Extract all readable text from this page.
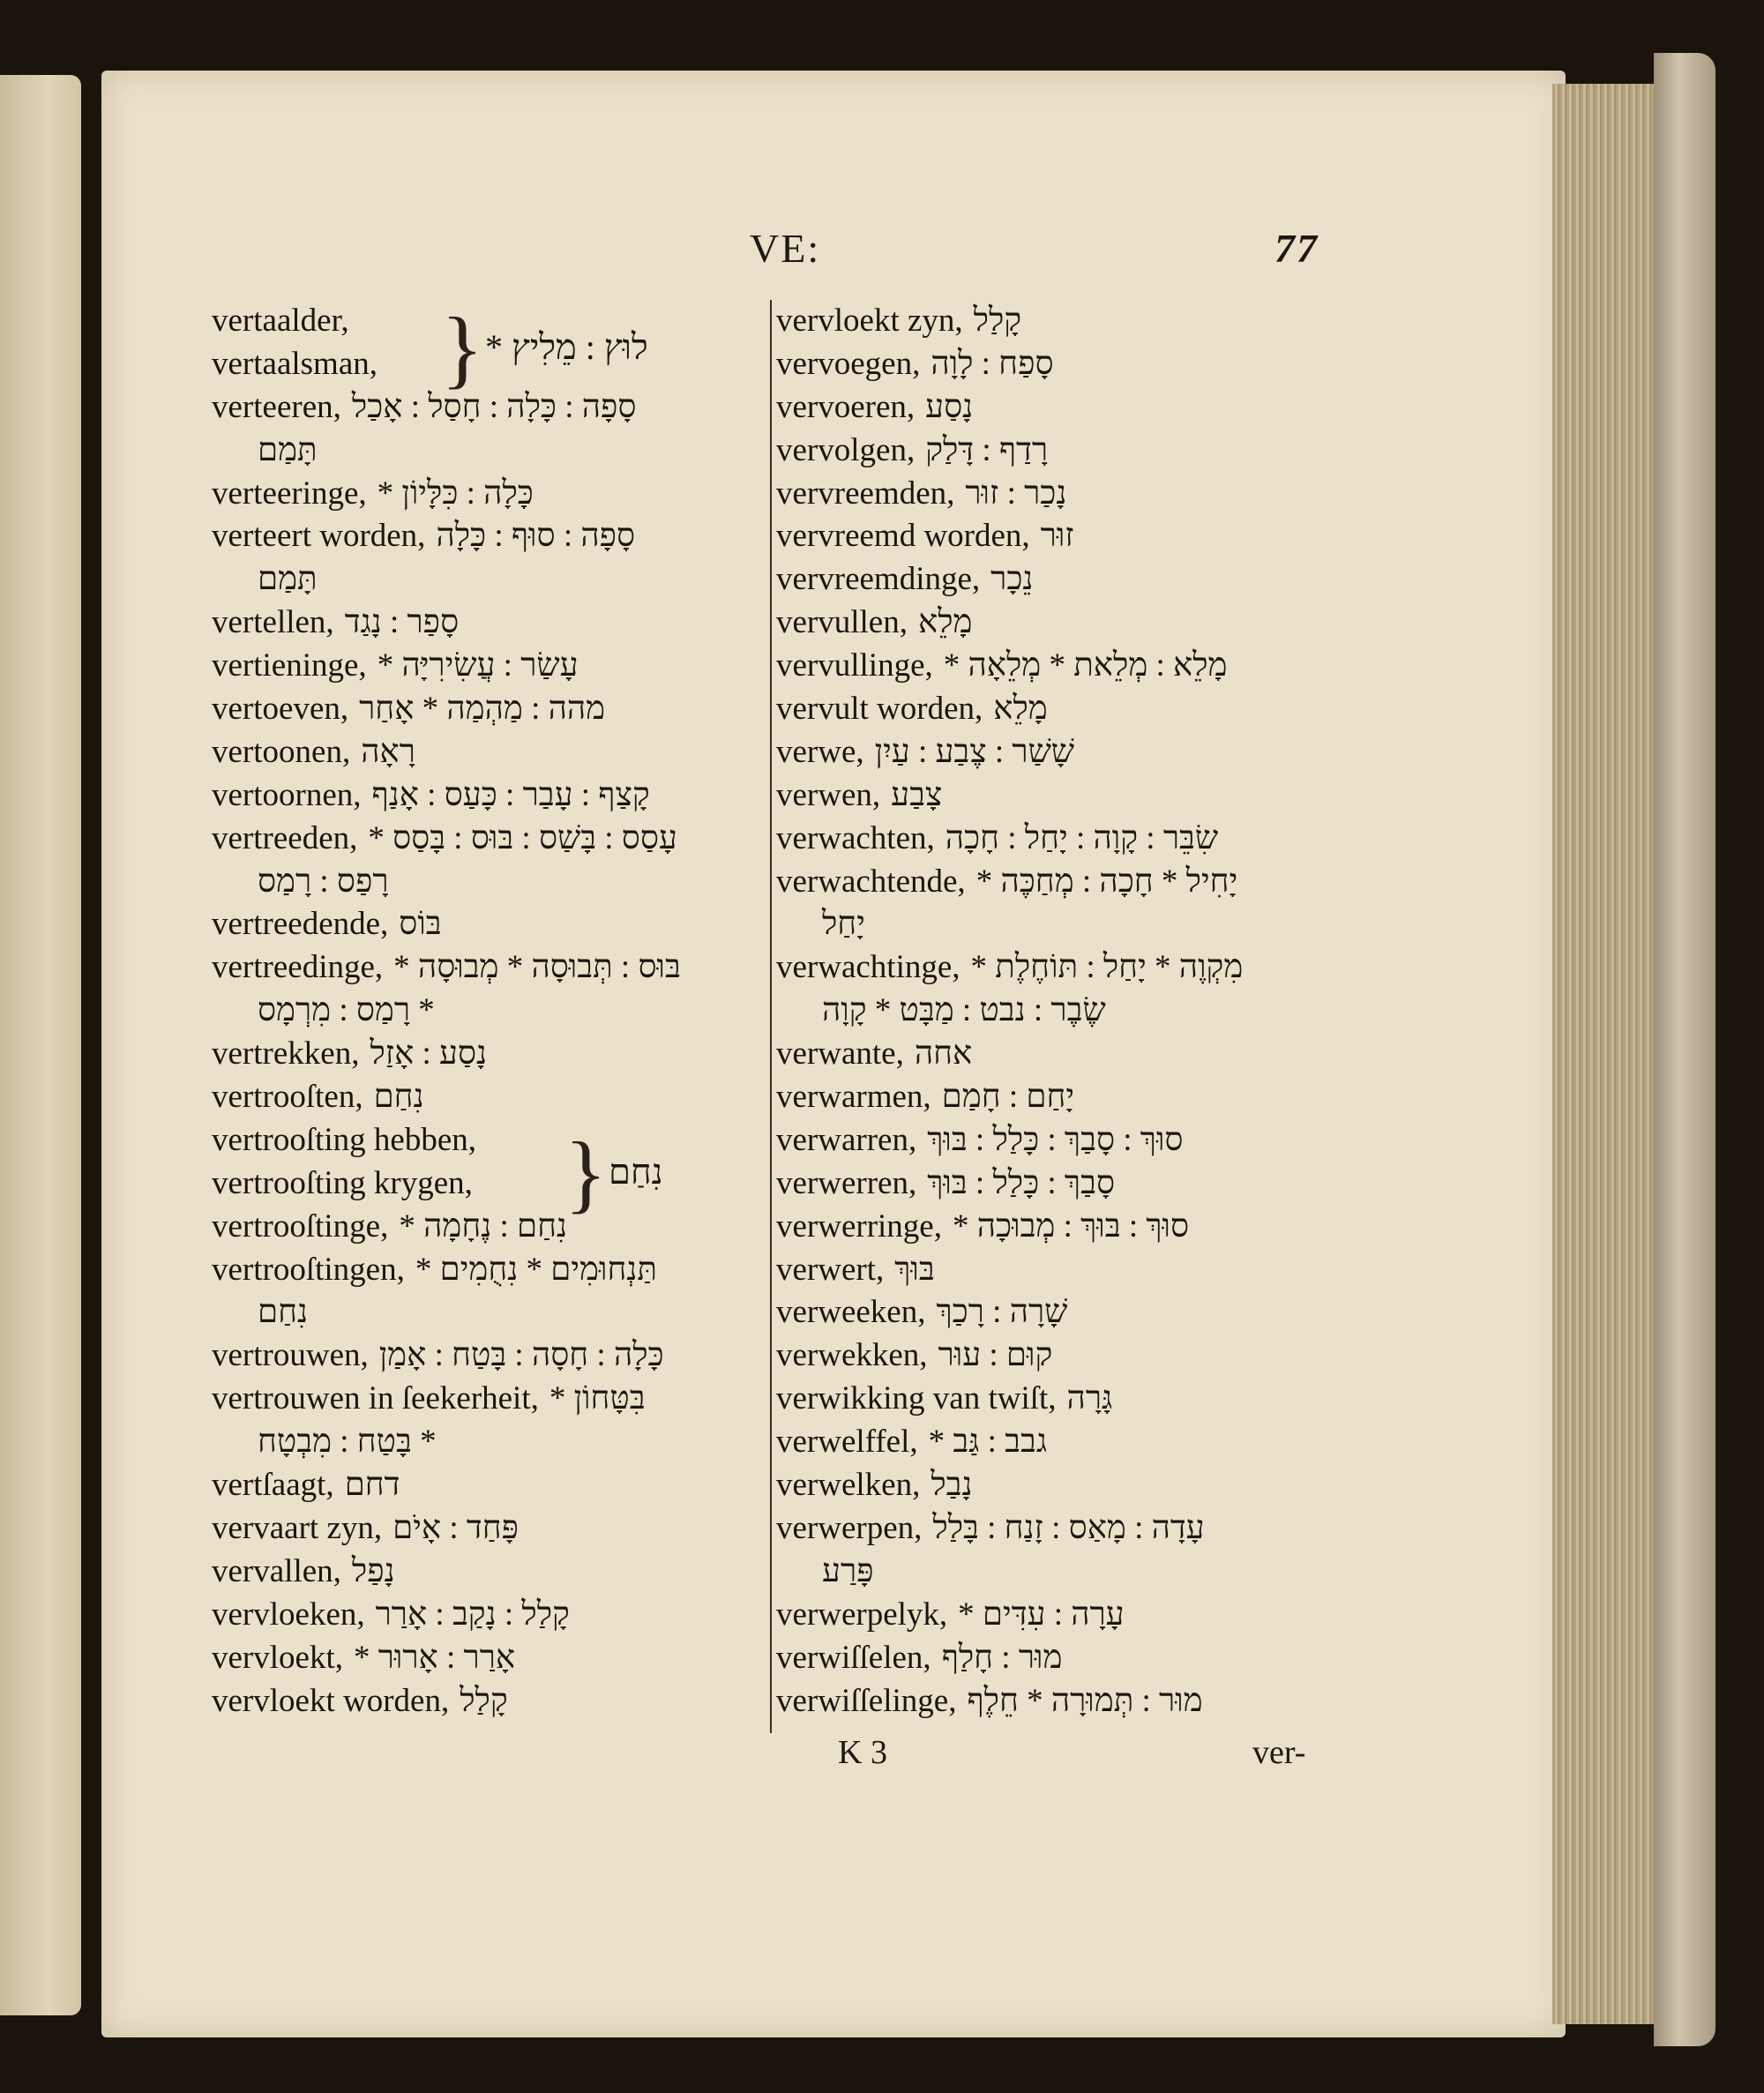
VE:	77
vertaalder,
vertaalsman,
verteeren, סָפָה : כָּלָה : חָסַל : אָכַל
תָּמַם
verteeringe, כָּלָה : כִּלָּיוֹן *
verteert worden, סָפָה : סוּף : כָּלָה
תָּמַם
vertellen, סָפַר : נָגַד
vertieninge, עָשַׂר : עֲשִׂירִיָּה *
vertoeven, מהה : מַהְמַה * אָחַר
vertoonen, רָאָה
vertoornen, קָצַף : עָבַר : כָּעַס : אָנַף
vertreeden, עָסַס : בָּשַׁס : בּוּס : בָּסַס *
רָפַס : רָמַס
vertreedende, בּוֹס
vertreedinge, בּוּס : תְּבוּסָה * מְבוּסָה *
* רָמַס : מִרְמָס
vertrekken, נָסַע : אָזַל
vertrooſten, נִחַם
vertrooſting hebben,
vertrooſting krygen,
vertrooſtinge, נִחַם : נֶחָמָה *
vertrooſtingen, תַּנְחוּמִים * נִחֻמִים *
נִחַם
vertrouwen, כָּלָה : חָסָה : בָּטַח : אָמַן
vertrouwen in ſeekerheit, בִּטָּחוֹן *
* בָּטַח : מִבְטָח
vertſaagt, דחם
vervaart zyn, פָּחַד : אָיֹם
vervallen, נָפַל
vervloeken, קָלַל : נָקַב : אָרַר
vervloekt, אָרַר : אָרוּר *
vervloekt worden, קָלַל
vervloekt zyn, קָלַל
vervoegen, סָפַח : לָוָה
vervoeren, נָסַע
vervolgen, רָדַף : דָּלַק
vervreemden, נָכַר : זוּר
vervreemd worden, זוּר
vervreemdinge, נֵכָר
vervullen, מָלֵא
vervullinge, מָלֵא : מְלֵאת * מְלֵאָה *
vervult worden, מָלֵא
verwe, שָׁשַׁר : צֶבַע : עַיִן
verwen, צָבַע
verwachten, שִׂבֵּר : קָוָה : יָחַל : חָכָה
verwachtende, יָחִיל * חָכָה : מְחַכֶּה *
יָחַל
verwachtinge, מִקְוֶה * יָחַל : תּוֹחֶלֶת *
שֶׂבֶר : נבט : מַבָּט * קָוָה
verwante, אחה
verwarmen, יָחַם : חָמַם
verwarren, סוּךְ : סָבַךְ : כָּלַל : בּוּךְ
verwerren, סָבַךְ : כָּלַל : בּוּךְ
verwerringe, סוּךְ : בּוּךְ : מְבוּכָה *
verwert, בּוּךְ
verweeken, שָׁרָה : רָכַךְ
verwekken, קוּם : עוּר
verwikking van twiſt, גָּרָה
verwelffel, גבב : גַּב *
verwelken, נָבַל
verwerpen, עָדָה : מָאַס : זָנַח : בָּלַל
פָּרַע
verwerpelyk, עָרָה : עִדִּים *
verwiſſelen, מוּר : חָלַף
verwiſſelinge, מוּר : תְּמוּרָה * חֵלֶף
} לוּץ : מֵלִיץ *
} נִחַם
K 3	ver-
